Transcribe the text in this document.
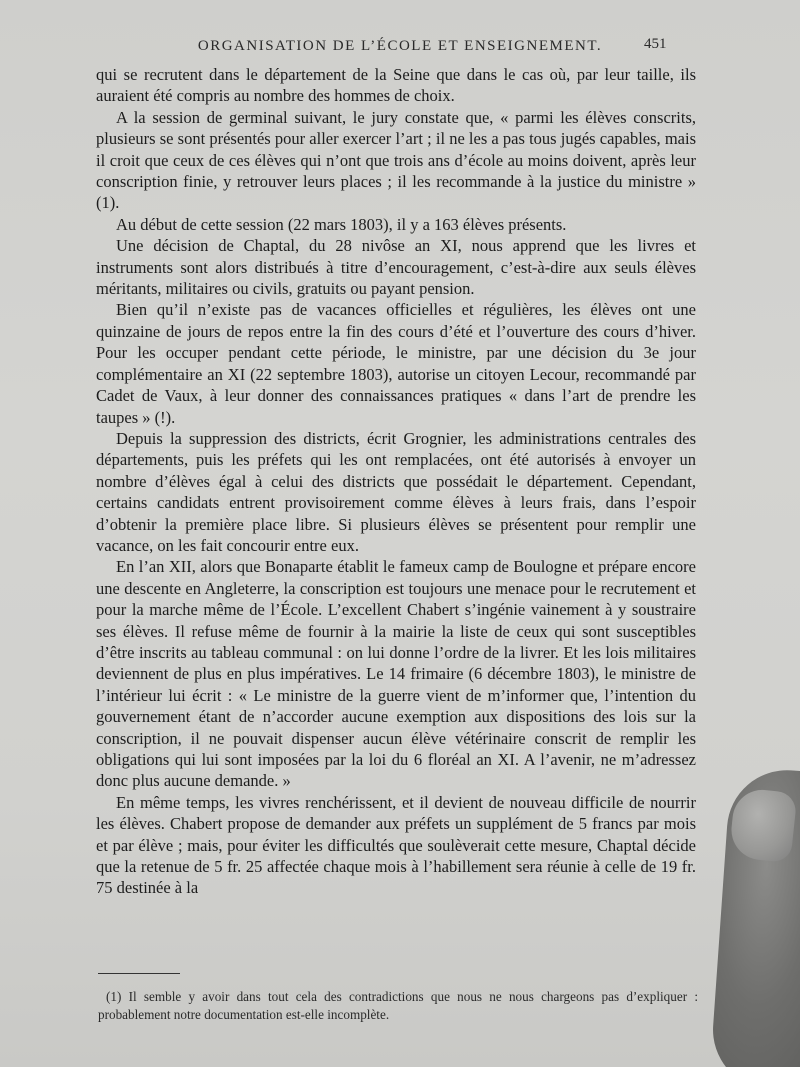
ORGANISATION DE L’ÉCOLE ET ENSEIGNEMENT.	451

qui se recrutent dans le département de la Seine que dans le cas où, par leur taille, ils auraient été compris au nombre des hommes de choix.

A la session de germinal suivant, le jury constate que, « parmi les élèves conscrits, plusieurs se sont présentés pour aller exercer l’art ; il ne les a pas tous jugés capables, mais il croit que ceux de ces élèves qui n’ont que trois ans d’école au moins doivent, après leur conscription finie, y retrouver leurs places ; il les recommande à la justice du ministre » (1).

Au début de cette session (22 mars 1803), il y a 163 élèves présents.

Une décision de Chaptal, du 28 nivôse an XI, nous apprend que les livres et instruments sont alors distribués à titre d’encouragement, c’est-à-dire aux seuls élèves méritants, militaires ou civils, gratuits ou payant pension.

Bien qu’il n’existe pas de vacances officielles et régulières, les élèves ont une quinzaine de jours de repos entre la fin des cours d’été et l’ouverture des cours d’hiver. Pour les occuper pendant cette période, le ministre, par une décision du 3e jour complémentaire an XI (22 septembre 1803), autorise un citoyen Lecour, recommandé par Cadet de Vaux, à leur donner des connaissances pratiques « dans l’art de prendre les taupes » (!).

Depuis la suppression des districts, écrit Grognier, les administrations centrales des départements, puis les préfets qui les ont remplacées, ont été autorisés à envoyer un nombre d’élèves égal à celui des districts que possédait le département. Cependant, certains candidats entrent provisoirement comme élèves à leurs frais, dans l’espoir d’obtenir la première place libre. Si plusieurs élèves se présentent pour remplir une vacance, on les fait concourir entre eux.

En l’an XII, alors que Bonaparte établit le fameux camp de Boulogne et prépare encore une descente en Angleterre, la conscription est toujours une menace pour le recrutement et pour la marche même de l’École. L’excellent Chabert s’ingénie vainement à y soustraire ses élèves. Il refuse même de fournir à la mairie la liste de ceux qui sont susceptibles d’être inscrits au tableau communal : on lui donne l’ordre de la livrer. Et les lois militaires deviennent de plus en plus impératives. Le 14 frimaire (6 décembre 1803), le ministre de l’intérieur lui écrit : « Le ministre de la guerre vient de m’informer que, l’intention du gouvernement étant de n’accorder aucune exemption aux dispositions des lois sur la conscription, il ne pouvait dispenser aucun élève vétérinaire conscrit de remplir les obligations qui lui sont imposées par la loi du 6 floréal an XI. A l’avenir, ne m’adressez donc plus aucune demande. »

En même temps, les vivres renchérissent, et il devient de nouveau difficile de nourrir les élèves. Chabert propose de demander aux préfets un supplément de 5 francs par mois et par élève ; mais, pour éviter les difficultés que soulèverait cette mesure, Chaptal décide que la retenue de 5 fr. 25 affectée chaque mois à l’habillement sera réunie à celle de 19 fr. 75 destinée à la

(1) Il semble y avoir dans tout cela des contradictions que nous ne nous chargeons pas d’expliquer : probablement notre documentation est-elle incomplète.
